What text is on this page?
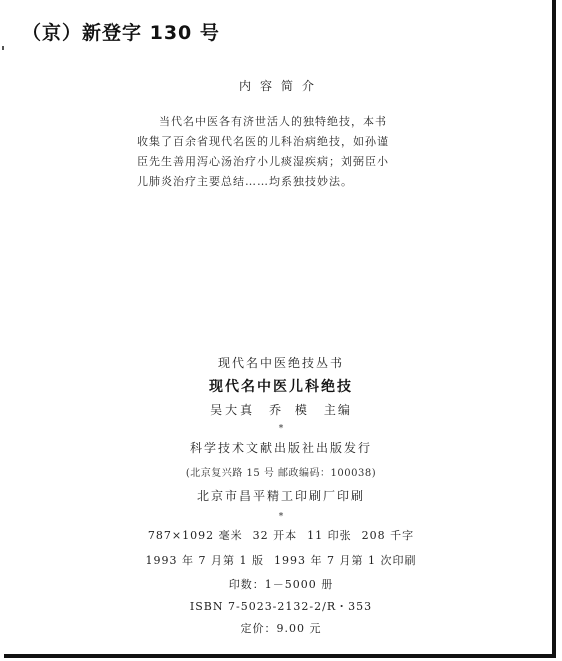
（京）新登字 130 号
内容简介
当代名中医各有济世活人的独特绝技，本书收集了百余省现代名医的儿科治病绝技，如孙谨臣先生善用泻心汤治疗小儿痰湿疾病；刘弼臣小儿肺炎治疗主要总结……均系独技妙法。
现代名中医绝技丛书
现代名中医儿科绝技
吴大真 乔 模 主编
*
科学技术文献出版社出版发行
(北京复兴路 15 号 邮政编码：100038)
北京市昌平精工印刷厂印刷
*
787×1092 毫米 32 开本 11 印张 208 千字
1993 年 7 月第 1 版 1993 年 7 月第 1 次印刷
印数：1－5000 册
ISBN 7-5023-2132-2/R・353
定价：9.00 元
